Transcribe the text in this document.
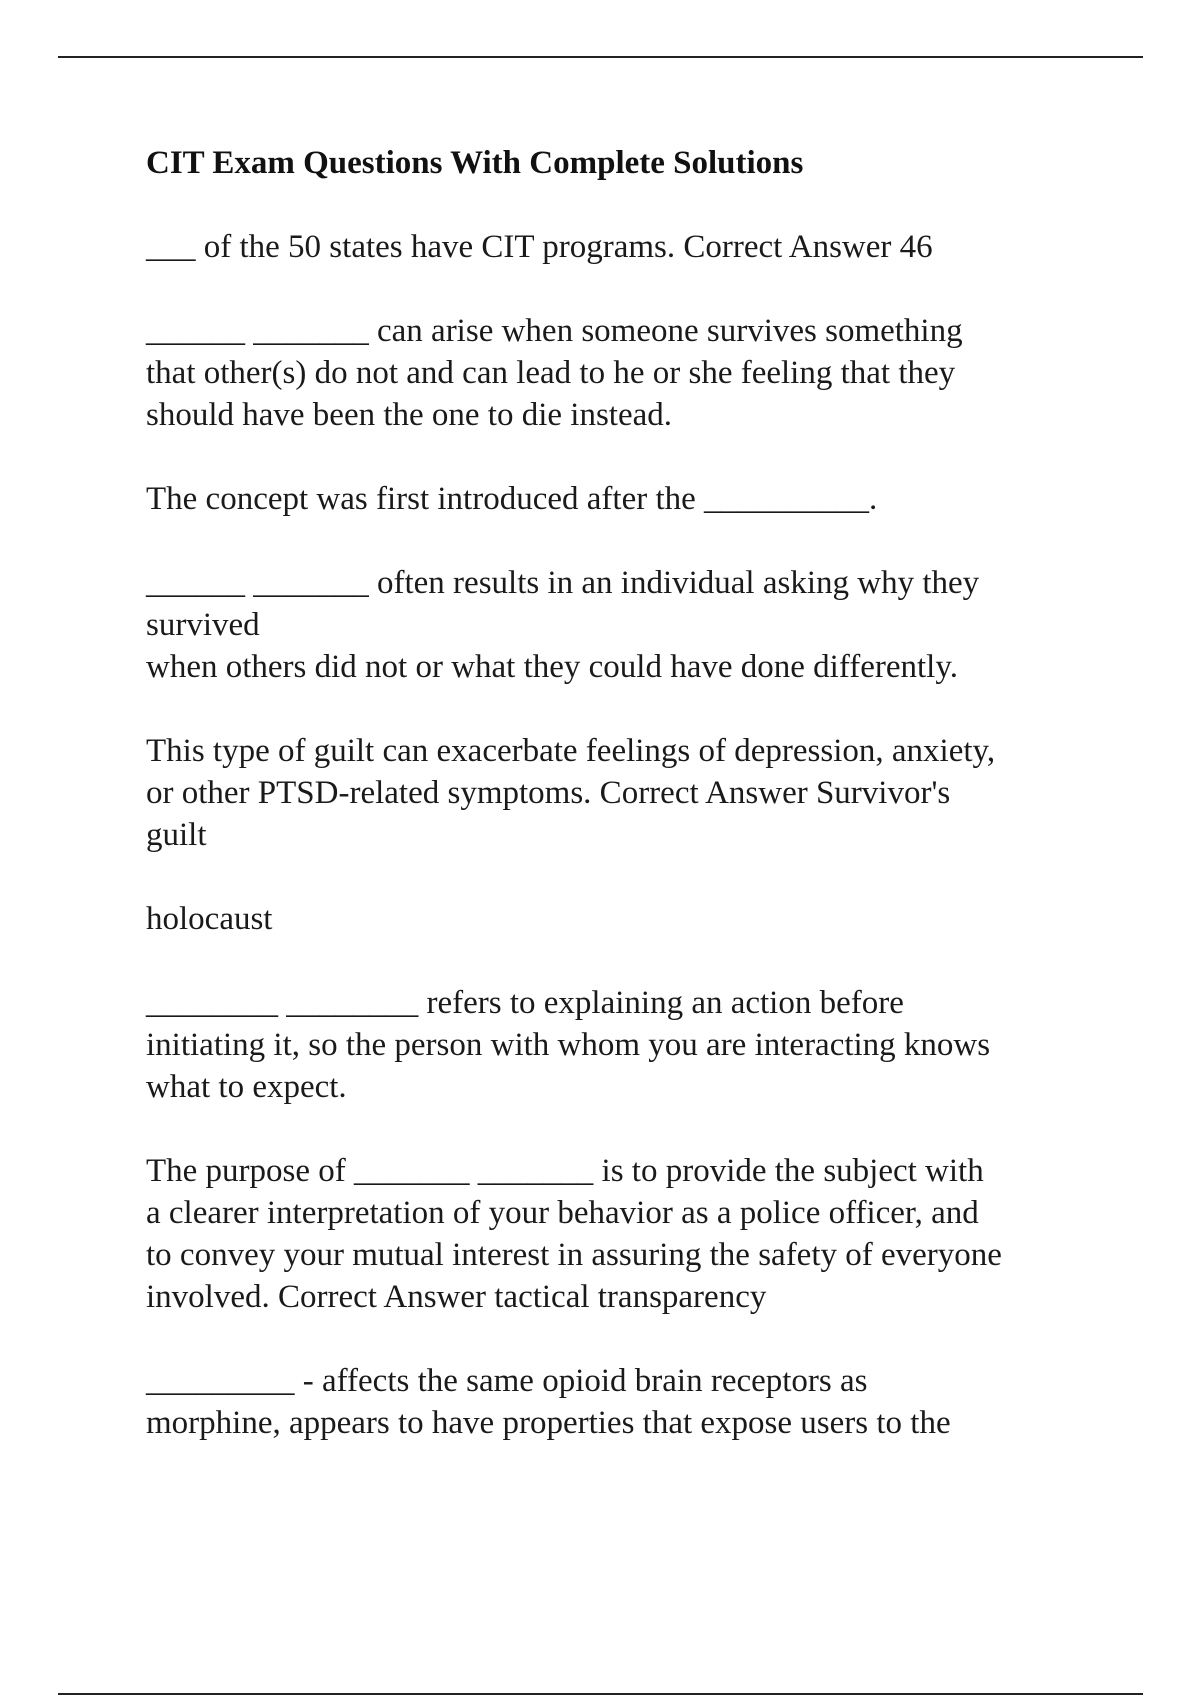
CIT Exam Questions With Complete Solutions
___ of the 50 states have CIT programs. Correct Answer 46
______ _______ can arise when someone survives something
that other(s) do not and can lead to he or she feeling that they
should have been the one to die instead.
The concept was first introduced after the __________.
______ _______ often results in an individual asking why they
survived
when others did not or what they could have done differently.
This type of guilt can exacerbate feelings of depression, anxiety,
or other PTSD-related symptoms. Correct Answer Survivor's
guilt
holocaust
________ ________ refers to explaining an action before
initiating it, so the person with whom you are interacting knows
what to expect.
The purpose of _______ _______ is to provide the subject with
a clearer interpretation of your behavior as a police officer, and
to convey your mutual interest in assuring the safety of everyone
involved. Correct Answer tactical transparency
_________ - affects the same opioid brain receptors as
morphine, appears to have properties that expose users to the
